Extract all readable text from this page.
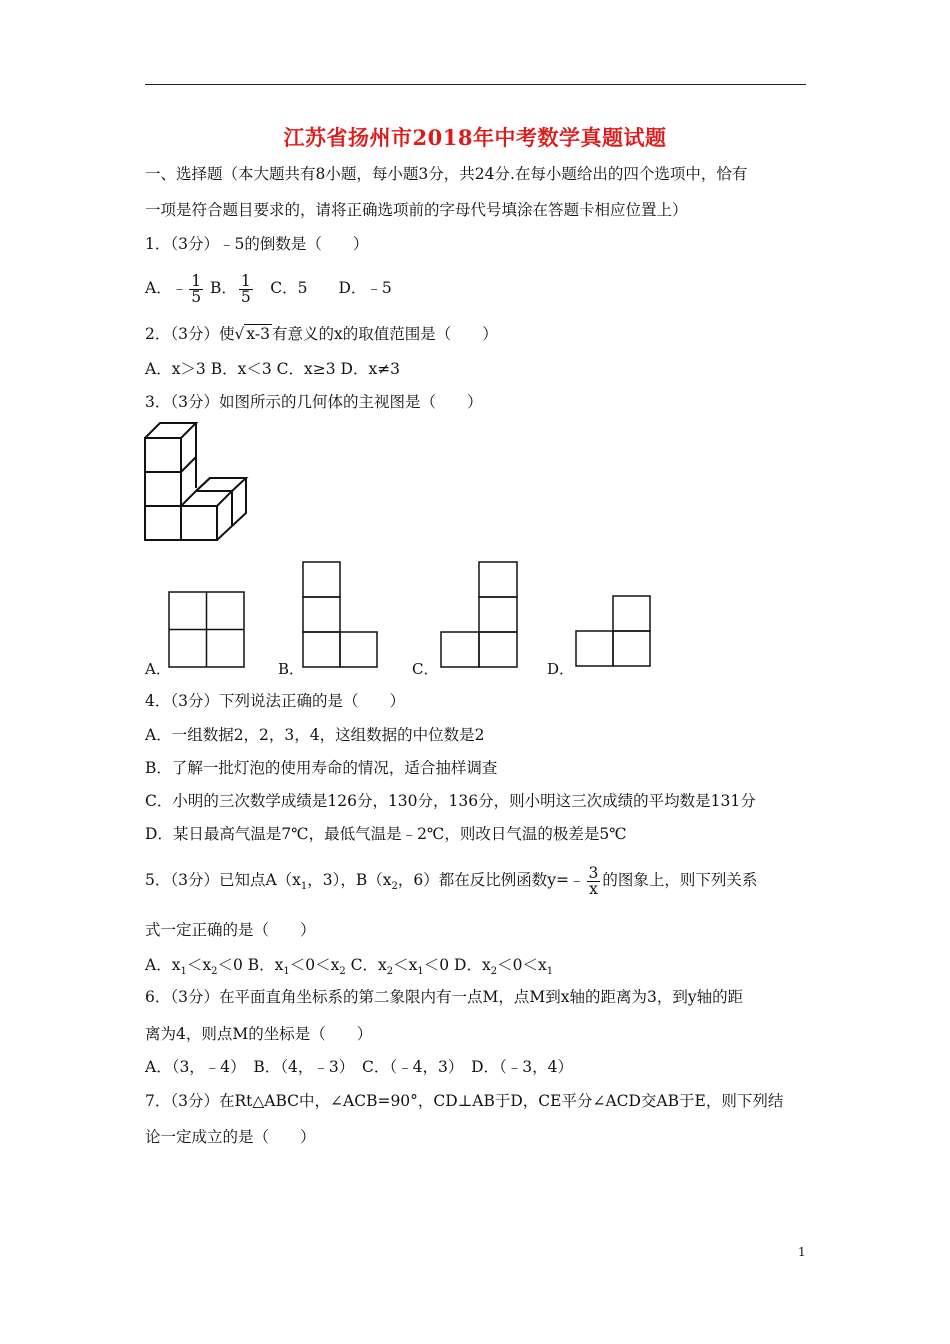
江苏省扬州市2018年中考数学真题试题
一、选择题（本大题共有8小题，每小题3分，共24分.在每小题给出的四个选项中，恰有
一项是符合题目要求的，请将正确选项前的字母代号填涂在答题卡相应位置上）
1．（3分）﹣5的倒数是（　　）
A．﹣ $\frac{1}{5}$ B． $\frac{1}{5}$ 　C．5　　D．﹣5
2．（3分）使√ x-3 有意义的x的取值范围是（　　）
A．x＞3 B．x＜3 C．x≥3 D．x≠3
3．（3分）如图所示的几何体的主视图是（　　）
A．	B．	C．	D．
4．（3分）下列说法正确的是（　　）
A．一组数据2，2，3，4，这组数据的中位数是2
B．了解一批灯泡的使用寿命的情况，适合抽样调查
C．小明的三次数学成绩是126分，130分，136分，则小明这三次成绩的平均数是131分
D．某日最高气温是7℃，最低气温是﹣2℃，则改日气温的极差是5℃
5．（3分）已知点$A(x_1$，3），$B(x_2$，6）都在反比例函数y=﹣ $\frac{3}{x}$ 的图象上，则下列关系
式一定正确的是（　　）
A．$x_1<x_2<0$ B．$x_1<0<x_2$ C．$x_2<x_1<0$ D．$x_2<0<x_1$
6．（3分）在平面直角坐标系的第二象限内有一点M，点M到x轴的距离为3，到y轴的距
离为4，则点M的坐标是（　　）
A．（3，﹣4）　B．（4，﹣3）　C．（﹣4，3）　D．（﹣3，4）
7．（3分）在Rt△ABC中，∠ACB=90°，CD⊥AB于D，CE平分∠ACD交AB于E，则下列结
论一定成立的是（　　）
1
